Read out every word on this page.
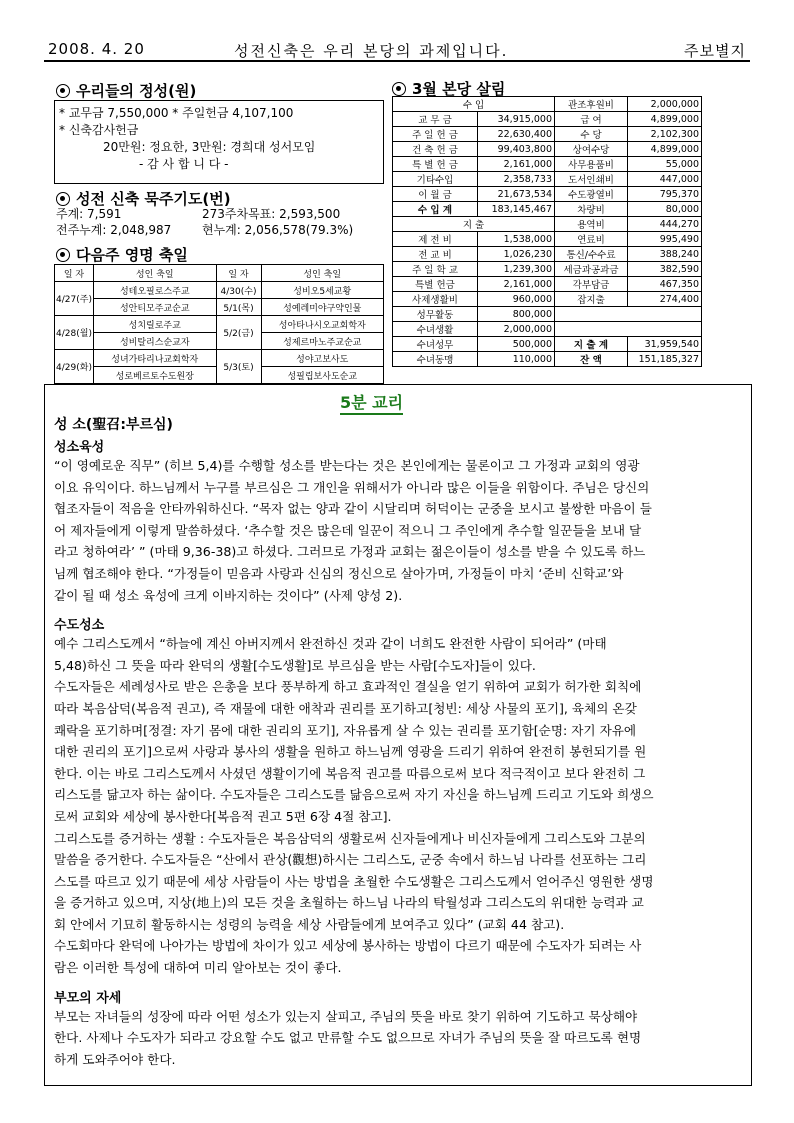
2008. 4. 20	성전신축은 우리 본당의 과제입니다.	주보별지
우리들의 정성(원)
* 교무금 7,550,000 * 주일헌금 4,107,100
* 신축감사헌금
20만원: 정요한, 3만원: 경희대 성서모임
- 감 사 합 니 다 -
성전 신축 묵주기도(번)
주계: 7,591	273주차목표: 2,593,500
전주누계: 2,048,987	현누계: 2,056,578(79.3%)
다음주 영명 축일
일 자	성인 축일	일 자	성인 축일
4/27(주)	성테오필로스주교	4/30(수)	성비오5세교황
	성안티모주교순교	5/1(목)	성예레미야구약인물
4/28(월)	성치릴로주교	5/2(금)	성아타나시오교회학자
	성비탈리스순교자		성제르마노주교순교
4/29(화)	성녀가타리나교회학자	5/3(토)	성야고보사도
	성로베르토수도원장		성필립보사도순교
3월 본당 살림
수 입		관조후원비	2,000,000
교 무 금	34,915,000	급 여	4,899,000
주 일 헌 금	22,630,400	수 당	2,102,300
건 축 헌 금	99,403,800	상여수당	4,899,000
특 별 헌 금	2,161,000	사무용품비	55,000
기타수입	2,358,733	도서인쇄비	447,000
이 월 금	21,673,534	수도광열비	795,370
수 입 계	183,145,467	차량비	80,000
지 출		용역비	444,270
제 전 비	1,538,000	연료비	995,490
전 교 비	1,026,230	통신/수수료	388,240
주 일 학 교	1,239,300	세금과공과금	382,590
특별 헌금	2,161,000	각부담금	467,350
사제생활비	960,000	잡지출	274,400
성무활동	800,000		
수녀생활	2,000,000		
수녀성무	500,000	지 출 계	31,959,540
수녀동맹	110,000	잔 액	151,185,327
5분 교리
성 소(聖召:부르심)
성소육성
“이 영예로운 직무” (히브 5,4)를 수행할 성소를 받는다는 것은 본인에게는 물론이고 그 가정과 교회의 영광
이요 유익이다. 하느님께서 누구를 부르심은 그 개인을 위해서가 아니라 많은 이들을 위함이다. 주님은 당신의
협조자들이 적음을 안타까워하신다. “목자 없는 양과 같이 시달리며 허덕이는 군중을 보시고 불쌍한 마음이 들
어 제자들에게 이렇게 말씀하셨다. ‘추수할 것은 많은데 일꾼이 적으니 그 주인에게 추수할 일꾼들을 보내 달
라고 청하여라’ ” (마태 9,36-38)고 하셨다. 그러므로 가정과 교회는 젊은이들이 성소를 받을 수 있도록 하느
님께 협조해야 한다. “가정들이 믿음과 사랑과 신심의 정신으로 살아가며, 가정들이 마치 ‘준비 신학교’와
같이 될 때 성소 육성에 크게 이바지하는 것이다” (사제 양성 2).
수도성소
예수 그리스도께서 “하늘에 계신 아버지께서 완전하신 것과 같이 너희도 완전한 사람이 되어라” (마태
5,48)하신 그 뜻을 따라 완덕의 생활[수도생활]로 부르심을 받는 사람[수도자]들이 있다.
수도자들은 세례성사로 받은 은총을 보다 풍부하게 하고 효과적인 결실을 얻기 위하여 교회가 허가한 회칙에
따라 복음삼덕(복음적 권고), 즉 재물에 대한 애착과 권리를 포기하고[청빈: 세상 사물의 포기], 육체의 온갖
쾌락을 포기하며[정결: 자기 몸에 대한 권리의 포기], 자유롭게 살 수 있는 권리를 포기함[순명: 자기 자유에
대한 권리의 포기]으로써 사랑과 봉사의 생활을 원하고 하느님께 영광을 드리기 위하여 완전히 봉헌되기를 원
한다. 이는 바로 그리스도께서 사셨던 생활이기에 복음적 권고를 따름으로써 보다 적극적이고 보다 완전히 그
리스도를 닮고자 하는 삶이다. 수도자들은 그리스도를 닮음으로써 자기 자신을 하느님께 드리고 기도와 희생으
로써 교회와 세상에 봉사한다[복음적 권고 5편 6장 4절 참고].
그리스도를 증거하는 생활 : 수도자들은 복음삼덕의 생활로써 신자들에게나 비신자들에게 그리스도와 그분의
말씀을 증거한다. 수도자들은 “산에서 관상(觀想)하시는 그리스도, 군중 속에서 하느님 나라를 선포하는 그리
스도를 따르고 있기 때문에 세상 사람들이 사는 방법을 초월한 수도생활은 그리스도께서 얻어주신 영원한 생명
을 증거하고 있으며, 지상(地上)의 모든 것을 초월하는 하느님 나라의 탁월성과 그리스도의 위대한 능력과 교
회 안에서 기묘히 활동하시는 성령의 능력을 세상 사람들에게 보여주고 있다” (교회 44 참고).
수도회마다 완덕에 나아가는 방법에 차이가 있고 세상에 봉사하는 방법이 다르기 때문에 수도자가 되려는 사
람은 이러한 특성에 대하여 미리 알아보는 것이 좋다.
부모의 자세
부모는 자녀들의 성장에 따라 어떤 성소가 있는지 살피고, 주님의 뜻을 바로 찾기 위하여 기도하고 묵상해야
한다. 사제나 수도자가 되라고 강요할 수도 없고 만류할 수도 없으므로 자녀가 주님의 뜻을 잘 따르도록 현명
하게 도와주어야 한다.
